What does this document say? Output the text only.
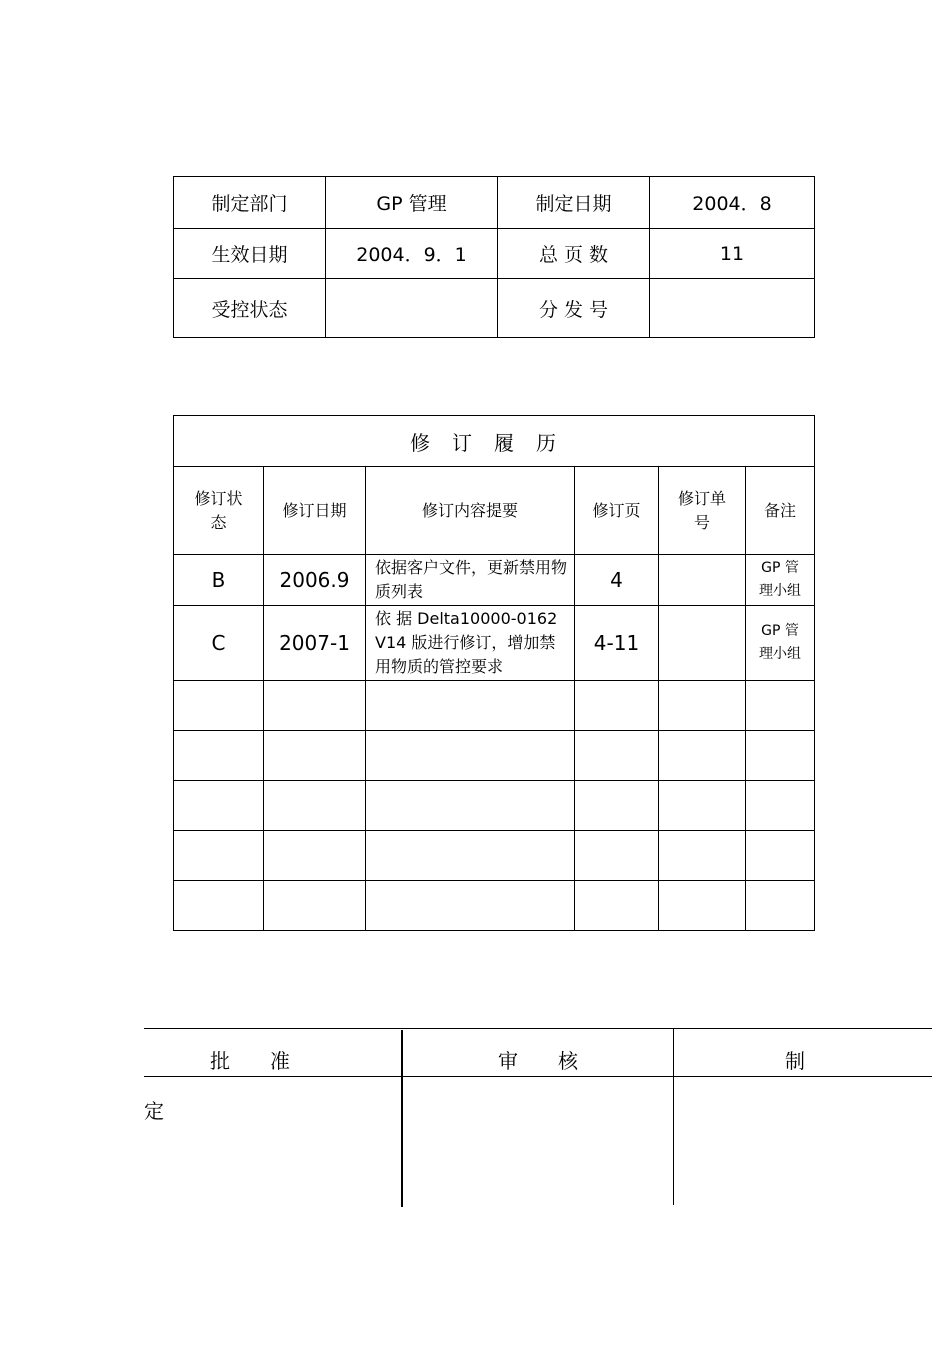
制定部门	GP 管理	制定日期	2004．8
生效日期	2004．9．1	总 页 数	11
受控状态		分 发 号	
修订履历					
修订状态	修订日期	修订内容提要	修订页	修订单号	备注
B	2006.9	依据客户文件，更新禁用物质列表	4		GP 管理小组
C	2007-1	依 据 Delta10000-0162 V14 版进行修订，增加禁用物质的管控要求	4-11		GP 管理小组

批　　准	审　　核	制
定
